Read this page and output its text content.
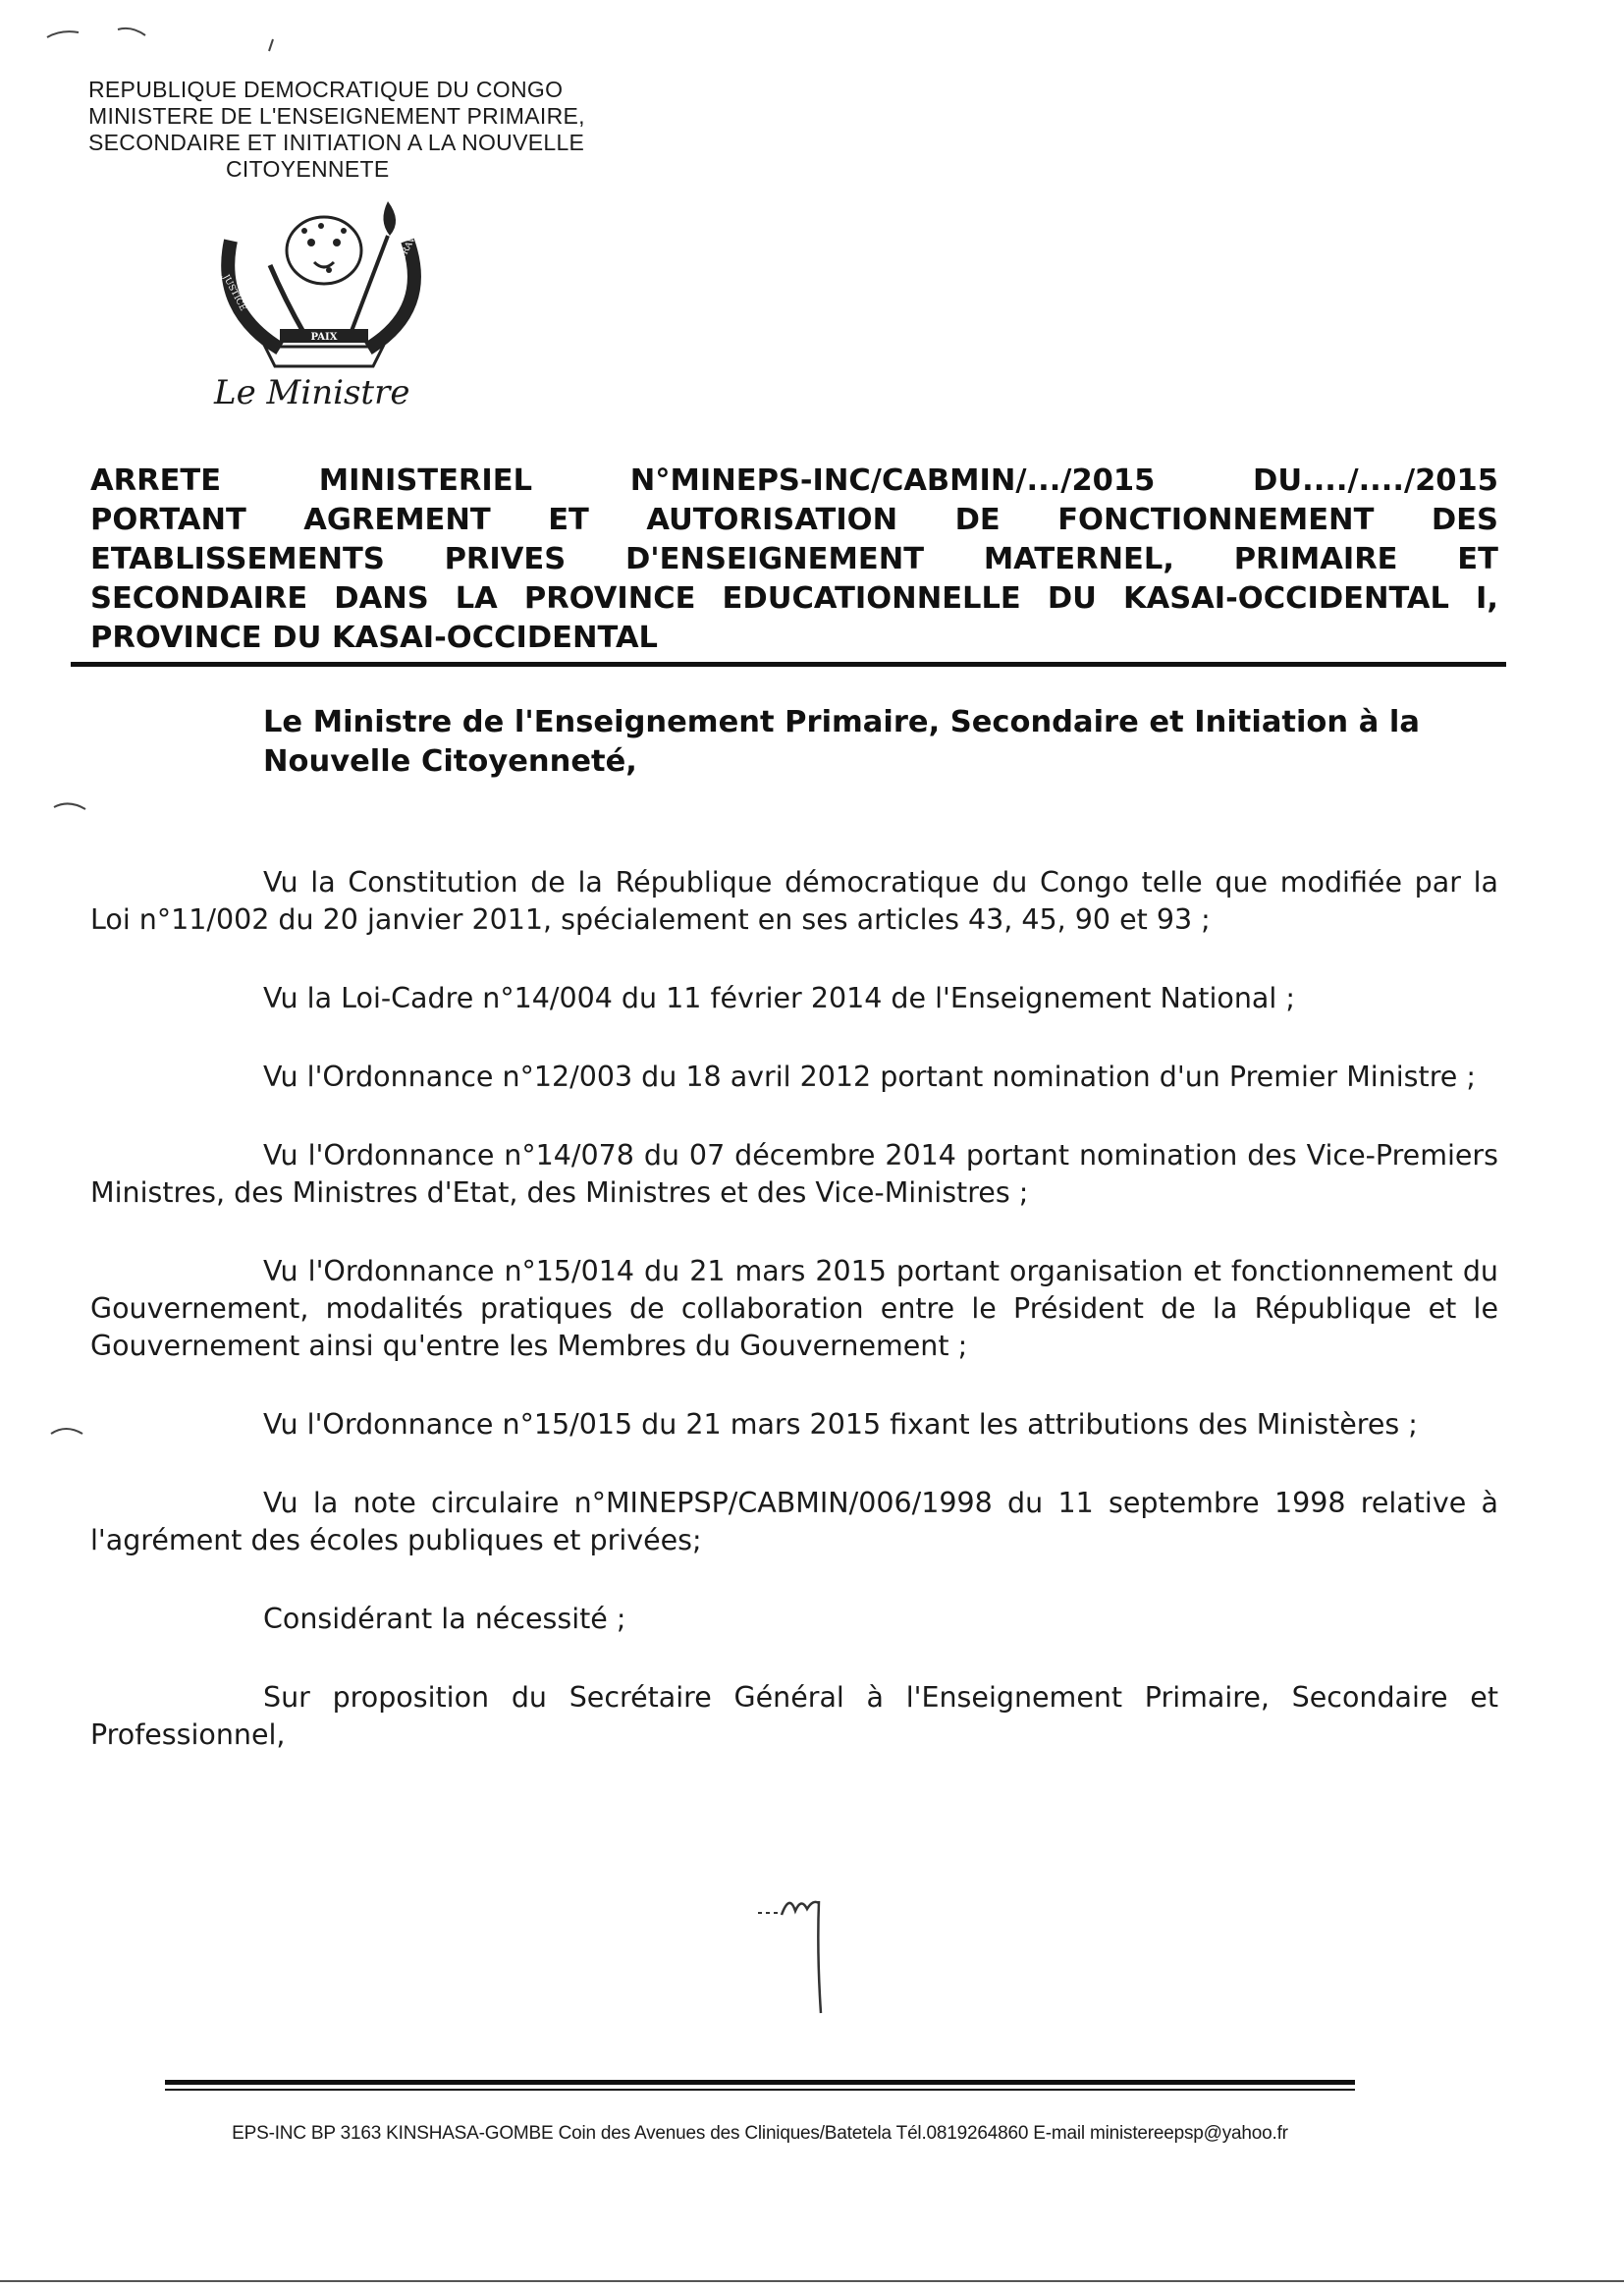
REPUBLIQUE DEMOCRATIQUE DU CONGO
MINISTERE DE L'ENSEIGNEMENT PRIMAIRE,
SECONDAIRE ET INITIATION A LA NOUVELLE
CITOYENNETE
PAIX
JUSTICE
TRAVAIL
Le Ministre
ARRETE	MINISTERIEL	N°MINEPS-INC/CABMIN/.../2015	DU..../..../2015
PORTANT AGREMENT ET AUTORISATION DE FONCTIONNEMENT DES
ETABLISSEMENTS PRIVES D'ENSEIGNEMENT MATERNEL, PRIMAIRE ET
SECONDAIRE DANS LA PROVINCE EDUCATIONNELLE DU KASAI-OCCIDENTAL I,
PROVINCE DU KASAI-OCCIDENTAL
Le Ministre de l'Enseignement Primaire, Secondaire et Initiation à la Nouvelle Citoyenneté,

Vu la Constitution de la République démocratique du Congo telle que modifiée par la Loi n°11/002 du 20 janvier 2011, spécialement en ses articles 43, 45, 90 et 93 ;

Vu la Loi-Cadre n°14/004 du 11 février 2014 de l'Enseignement National ;

Vu l'Ordonnance n°12/003 du 18 avril 2012 portant nomination d'un Premier Ministre ;

Vu l'Ordonnance n°14/078 du 07 décembre 2014 portant nomination des Vice-Premiers Ministres, des Ministres d'Etat, des Ministres et des Vice-Ministres ;

Vu l'Ordonnance n°15/014 du 21 mars 2015 portant organisation et fonctionnement du Gouvernement, modalités pratiques de collaboration entre le Président de la République et le Gouvernement ainsi qu'entre les Membres du Gouvernement ;

Vu l'Ordonnance n°15/015 du 21 mars 2015 fixant les attributions des Ministères ;

Vu la note circulaire n°MINEPSP/CABMIN/006/1998 du 11 septembre 1998 relative à l'agrément des écoles publiques et privées;

Considérant la nécessité ;

Sur proposition du Secrétaire Général à l'Enseignement Primaire, Secondaire et Professionnel,

EPS-INC BP 3163 KINSHASA-GOMBE Coin des Avenues des Cliniques/Batetela Tél.0819264860 E-mail ministereepsp@yahoo.fr
